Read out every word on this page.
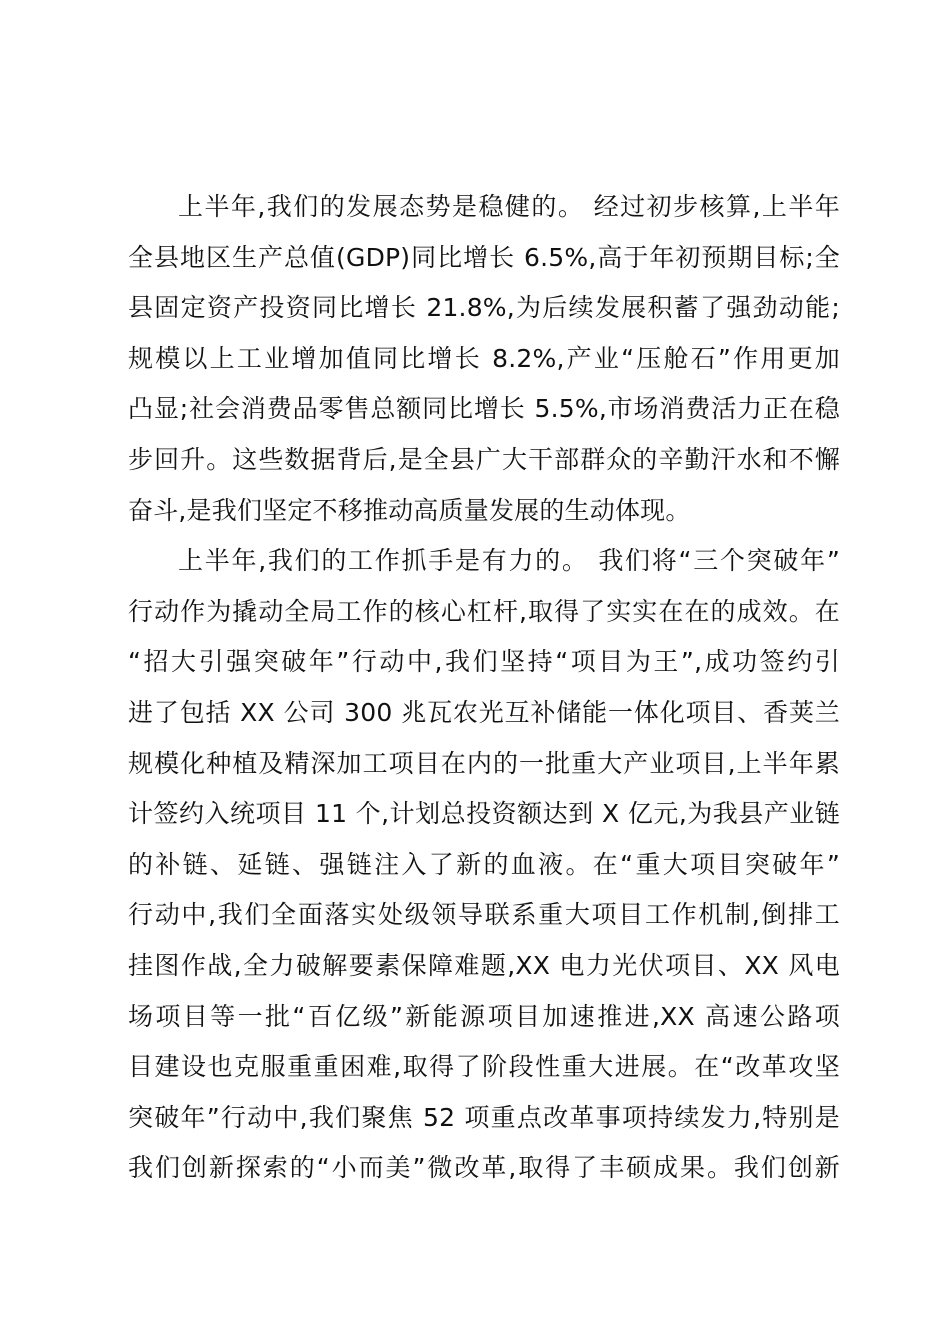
上半年,我们的发展态势是稳健的。 经过初步核算,上半年
全县地区生产总值(GDP)同比增长 6.5%,高于年初预期目标;全
县固定资产投资同比增长 21.8%,为后续发展积蓄了强劲动能;
规模以上工业增加值同比增长 8.2%,产业“压舱石”作用更加
凸显;社会消费品零售总额同比增长 5.5%,市场消费活力正在稳
步回升。这些数据背后,是全县广大干部群众的辛勤汗水和不懈
奋斗,是我们坚定不移推动高质量发展的生动体现。
上半年,我们的工作抓手是有力的。 我们将“三个突破年”
行动作为撬动全局工作的核心杠杆,取得了实实在在的成效。在
“招大引强突破年”行动中,我们坚持“项目为王”,成功签约引
进了包括 XX 公司 300 兆瓦农光互补储能一体化项目、香荚兰
规模化种植及精深加工项目在内的一批重大产业项目,上半年累
计签约入统项目 11 个,计划总投资额达到 X 亿元,为我县产业链
的补链、延链、强链注入了新的血液。在“重大项目突破年”
行动中,我们全面落实处级领导联系重大项目工作机制,倒排工
挂图作战,全力破解要素保障难题,XX 电力光伏项目、XX 风电
场项目等一批“百亿级”新能源项目加速推进,XX 高速公路项
目建设也克服重重困难,取得了阶段性重大进展。在“改革攻坚
突破年”行动中,我们聚焦 52 项重点改革事项持续发力,特别是
我们创新探索的“小而美”微改革,取得了丰硕成果。我们创新
